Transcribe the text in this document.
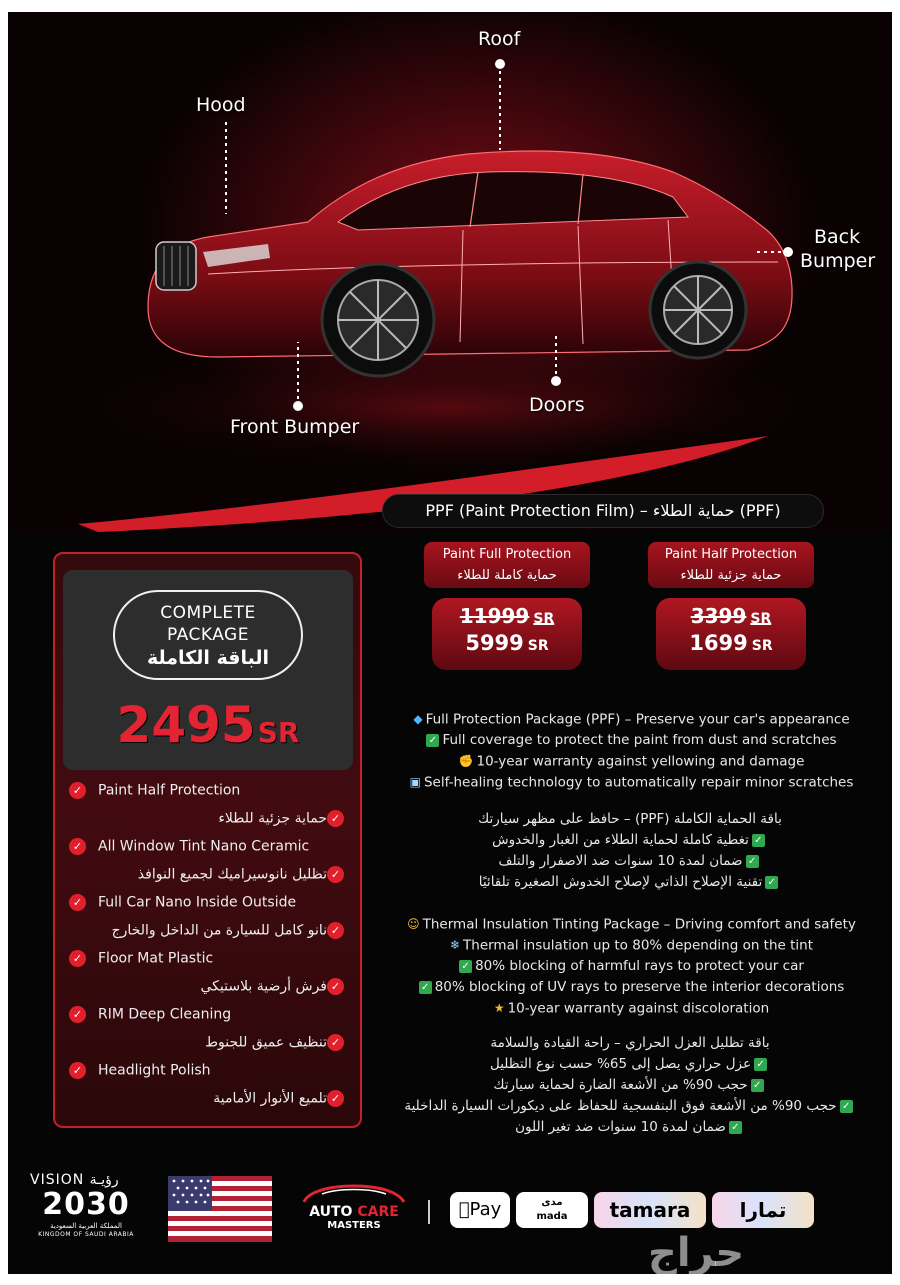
Roof
Hood
Back
Bumper
Doors
Front Bumper
PPF (Paint Protection Film) – حماية الطلاء (PPF)
Paint Full Protection
حماية كاملة للطلاء
11999 SR
5999 SR
Paint Half Protection
حماية جزئية للطلاء
3399 SR
1699 SR
COMPLETE
PACKAGE
الباقة الكاملة
2495SR
✓ Paint Half Protection
✓حماية جزئية للطلاء
✓ All Window Tint Nano Ceramic
✓تظليل نانوسيراميك لجميع النوافذ
✓ Full Car Nano Inside Outside
✓نانو كامل للسيارة من الداخل والخارج
✓ Floor Mat Plastic
✓فرش أرضية بلاستيكي
✓ RIM Deep Cleaning
✓تنظيف عميق للجنوط
✓ Headlight Polish
✓تلميع الأنوار الأمامية
◆ Full Protection Package (PPF) – Preserve your car's appearance
✓ Full coverage to protect the paint from dust and scratches
✊ 10-year warranty against yellowing and damage
▣ Self-healing technology to automatically repair minor scratches
باقة الحماية الكاملة (PPF) – حافظ على مظهر سيارتك
✓تغطية كاملة لحماية الطلاء من الغبار والخدوش
✓ضمان لمدة 10 سنوات ضد الاصفرار والتلف
✓تقنية الإصلاح الذاتي لإصلاح الخدوش الصغيرة تلقائيًا
☺ Thermal Insulation Tinting Package – Driving comfort and safety
❄ Thermal insulation up to 80% depending on the tint
✓ 80% blocking of harmful rays to protect your car
✓ 80% blocking of UV rays to preserve the interior decorations
★ 10-year warranty against discoloration
باقة تظليل العزل الحراري – راحة القيادة والسلامة
✓عزل حراري يصل إلى 65% حسب نوع التظليل
✓حجب 90% من الأشعة الضارة لحماية سيارتك
✓حجب 90% من الأشعة فوق البنفسجية للحفاظ على ديكورات السيارة الداخلية
✓ضمان لمدة 10 سنوات ضد تغير اللون
VISION رؤيـة
2030
المملكة العربية السعودية
KINGDOM OF SAUDI ARABIA
AUTO CARE
MASTERS
Pay	مدى
mada	tamara	تمارا
حراج
